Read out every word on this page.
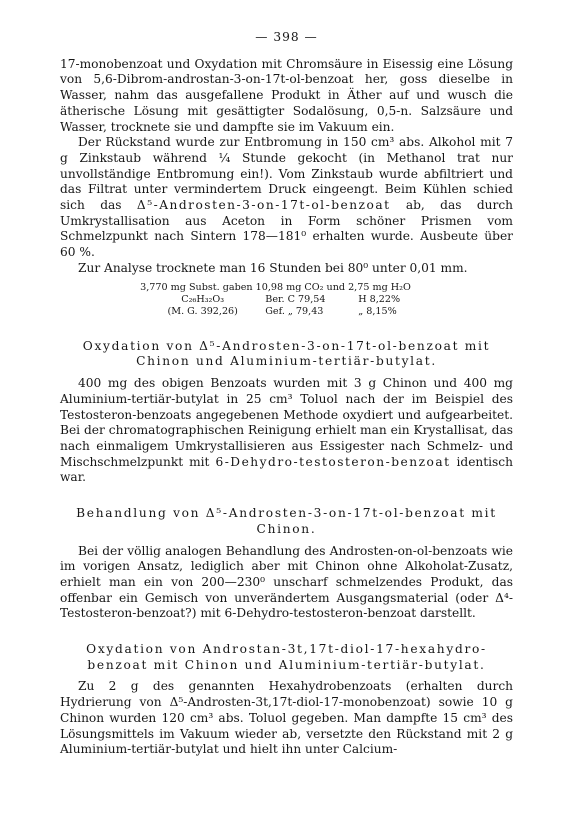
— 398 —

17-monobenzoat und Oxydation mit Chromsäure in Eisessig eine Lösung von 5,6-Dibrom-androstan-3-on-17t-ol-benzoat her, goss dieselbe in Wasser, nahm das ausgefallene Produkt in Äther auf und wusch die ätherische Lösung mit gesättigter Sodalösung, 0,5-n. Salzsäure und Wasser, trocknete sie und dampfte sie im Vakuum ein.

Der Rückstand wurde zur Entbromung in 150 cm³ abs. Alkohol mit 7 g Zinkstaub während ¼ Stunde gekocht (in Methanol trat nur unvollständige Entbromung ein!). Vom Zinkstaub wurde abfiltriert und das Filtrat unter vermindertem Druck eingeengt. Beim Kühlen schied sich das Δ⁵-Androsten-3-on-17t-ol-benzoat ab, das durch Umkrystallisation aus Aceton in Form schöner Prismen vom Schmelzpunkt nach Sintern 178—181⁰ erhalten wurde. Ausbeute über 60 %.

Zur Analyse trocknete man 16 Stunden bei 80⁰ unter 0,01 mm.

3,770 mg Subst. gaben 10,98 mg CO₂ und 2,75 mg H₂O
C₂₆H₃₂O₃	Ber. C 79,54	H 8,22%
(M. G. 392,26)	Gef. „ 79,43	„ 8,15%
Oxydation von Δ⁵-Androsten-3-on-17t-ol-benzoat mit
Chinon und Aluminium-tertiär-butylat.

400 mg des obigen Benzoats wurden mit 3 g Chinon und 400 mg Aluminium-tertiär-butylat in 25 cm³ Toluol nach der im Beispiel des Testosteron-benzoats angegebenen Methode oxydiert und aufgearbeitet. Bei der chromatographischen Reinigung erhielt man ein Krystallisat, das nach einmaligem Umkrystallisieren aus Essigester nach Schmelz- und Mischschmelzpunkt mit 6-Dehydro-testosteron-benzoat identisch war.

Behandlung von Δ⁵-Androsten-3-on-17t-ol-benzoat mit
Chinon.

Bei der völlig analogen Behandlung des Androsten-on-ol-benzoats wie im vorigen Ansatz, lediglich aber mit Chinon ohne Alkoholat-Zusatz, erhielt man ein von 200—230⁰ unscharf schmelzendes Produkt, das offenbar ein Gemisch von unverändertem Ausgangsmaterial (oder Δ⁴-Testosteron-benzoat?) mit 6-Dehydro-testosteron-benzoat darstellt.

Oxydation von Androstan-3t,17t-diol-17-hexahydro-
benzoat mit Chinon und Aluminium-tertiär-butylat.

Zu 2 g des genannten Hexahydrobenzoats (erhalten durch Hydrierung von Δ⁵-Androsten-3t,17t-diol-17-monobenzoat) sowie 10 g Chinon wurden 120 cm³ abs. Toluol gegeben. Man dampfte 15 cm³ des Lösungsmittels im Vakuum wieder ab, versetzte den Rückstand mit 2 g Aluminium-tertiär-butylat und hielt ihn unter Calcium-
